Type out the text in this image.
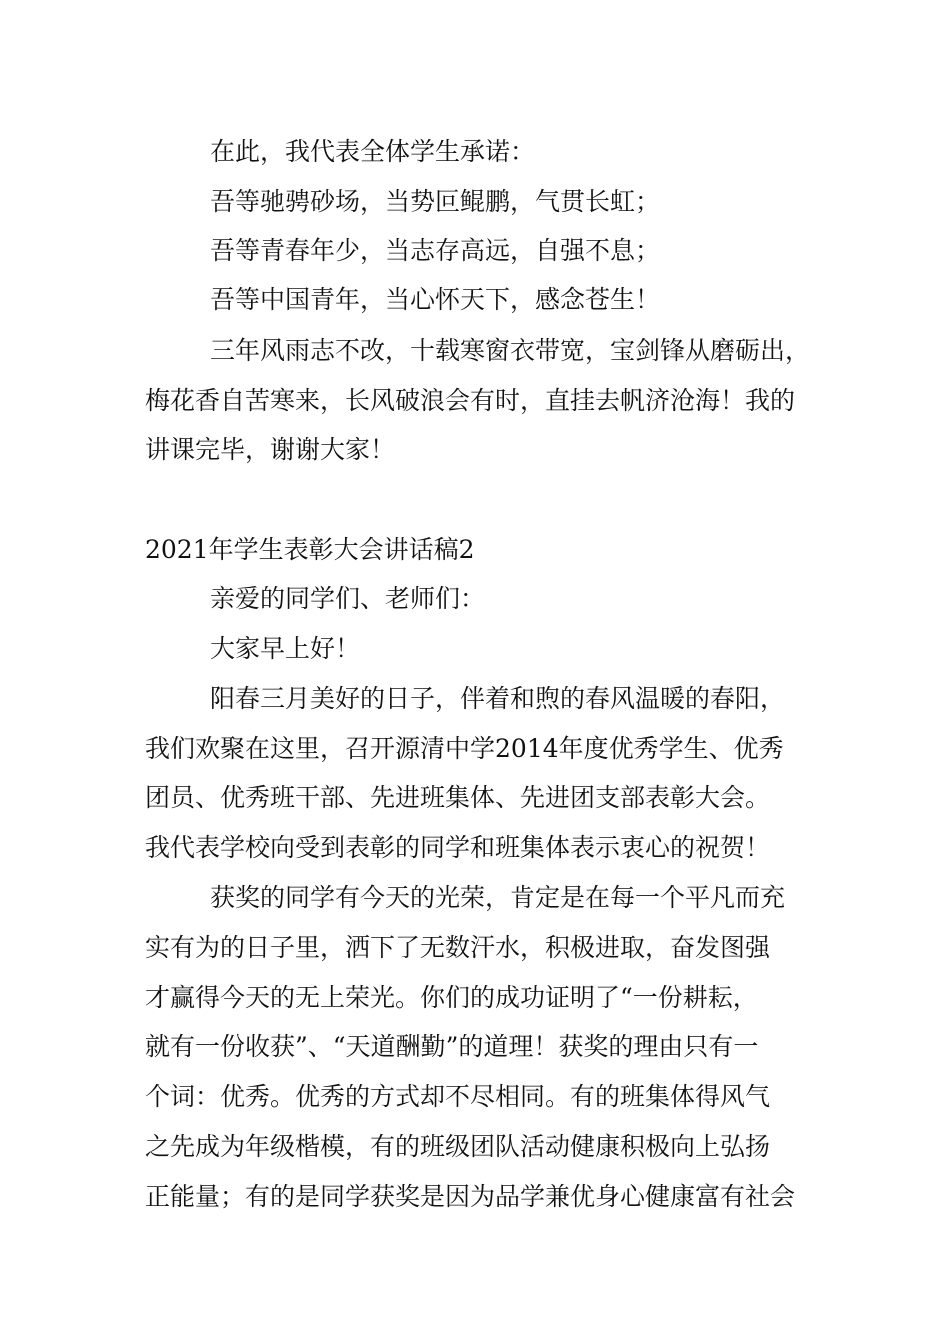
在此，我代表全体学生承诺：
吾等驰骋砂场，当势叵鲲鹏，气贯长虹；
吾等青春年少，当志存高远，自强不息；
吾等中国青年，当心怀天下，感念苍生！
三年风雨志不改，十载寒窗衣带宽，宝剑锋从磨砺出，
梅花香自苦寒来，长风破浪会有时，直挂去帆济沧海！我的
讲课完毕，谢谢大家！
2021年学生表彰大会讲话稿2
亲爱的同学们、老师们：
大家早上好！
阳春三月美好的日子，伴着和煦的春风温暖的春阳，
我们欢聚在这里，召开源清中学2014年度优秀学生、优秀
团员、优秀班干部、先进班集体、先进团支部表彰大会。
我代表学校向受到表彰的同学和班集体表示衷心的祝贺！
获奖的同学有今天的光荣，肯定是在每一个平凡而充
实有为的日子里，洒下了无数汗水，积极进取，奋发图强
才赢得今天的无上荣光。你们的成功证明了“一份耕耘，
就有一份收获”、“天道酬勤”的道理！获奖的理由只有一
个词：优秀。优秀的方式却不尽相同。有的班集体得风气
之先成为年级楷模，有的班级团队活动健康积极向上弘扬
正能量；有的是同学获奖是因为品学兼优身心健康富有社会
